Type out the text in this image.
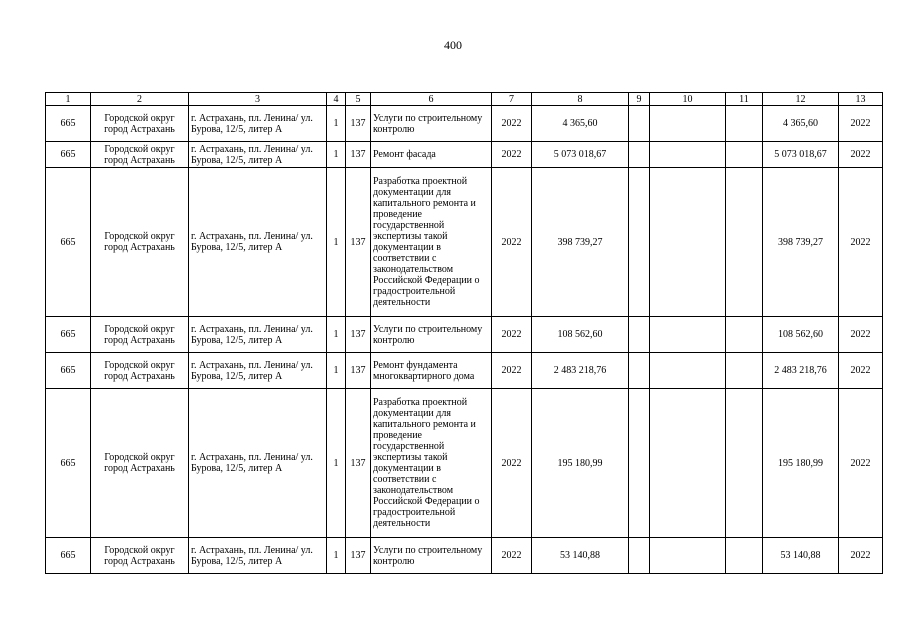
400
1	2	3	4	5	6	7	8	9	10	11	12	13
665	Городской округ город Астрахань	г. Астрахань, пл. Ленина/ ул. Бурова, 12/5, литер А	1	137	Услуги по строительному контролю	2022	4 365,60				4 365,60	2022
665	Городской округ город Астрахань	г. Астрахань, пл. Ленина/ ул. Бурова, 12/5, литер А	1	137	Ремонт фасада	2022	5 073 018,67				5 073 018,67	2022
665	Городской округ город Астрахань	г. Астрахань, пл. Ленина/ ул. Бурова, 12/5, литер А	1	137	Разработка проектной документации для капитального ремонта и проведение государственной экспертизы такой документации в соответствии с законодательством Российской Федерации о градостроительной деятельности	2022	398 739,27				398 739,27	2022
665	Городской округ город Астрахань	г. Астрахань, пл. Ленина/ ул. Бурова, 12/5, литер А	1	137	Услуги по строительному контролю	2022	108 562,60				108 562,60	2022
665	Городской округ город Астрахань	г. Астрахань, пл. Ленина/ ул. Бурова, 12/5, литер А	1	137	Ремонт фундамента многоквартирного дома	2022	2 483 218,76				2 483 218,76	2022
665	Городской округ город Астрахань	г. Астрахань, пл. Ленина/ ул. Бурова, 12/5, литер А	1	137	Разработка проектной документации для капитального ремонта и проведение государственной экспертизы такой документации в соответствии с законодательством Российской Федерации о градостроительной деятельности	2022	195 180,99				195 180,99	2022
665	Городской округ город Астрахань	г. Астрахань, пл. Ленина/ ул. Бурова, 12/5, литер А	1	137	Услуги по строительному контролю	2022	53 140,88				53 140,88	2022
